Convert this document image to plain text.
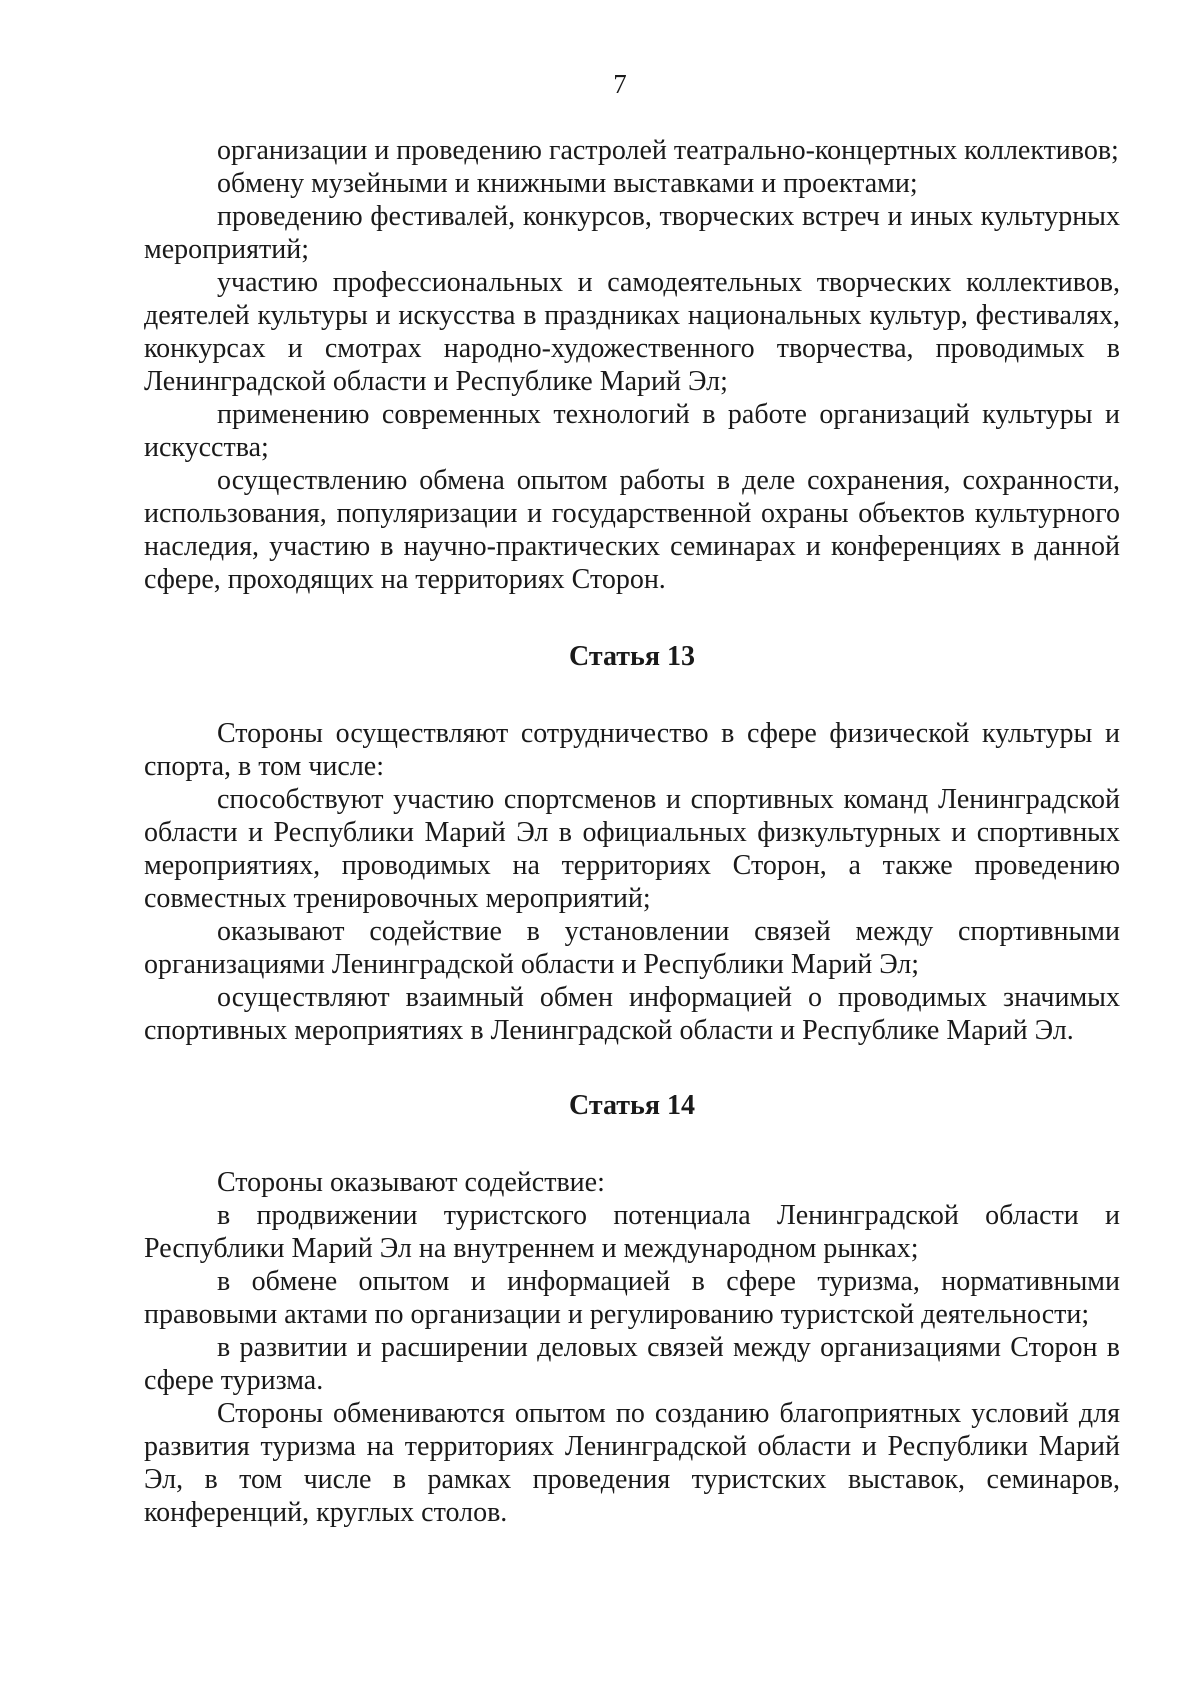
7

организации и проведению гастролей театрально-концертных коллективов;

обмену музейными и книжными выставками и проектами;

проведению фестивалей, конкурсов, творческих встреч и иных культурных мероприятий;

участию профессиональных и самодеятельных творческих коллективов, деятелей культуры и искусства в праздниках национальных культур, фестивалях, конкурсах и смотрах народно-художественного творчества, проводимых в Ленинградской области и Республике Марий Эл;

применению современных технологий в работе организаций культуры и искусства;

осуществлению обмена опытом работы в деле сохранения, сохранности, использования, популяризации и государственной охраны объектов культурного наследия, участию в научно-практических семинарах и конференциях в данной сфере, проходящих на территориях Сторон.

Статья 13

Стороны осуществляют сотрудничество в сфере физической культуры и спорта, в том числе:

способствуют участию спортсменов и спортивных команд Ленинградской области и Республики Марий Эл в официальных физкультурных и спортивных мероприятиях, проводимых на территориях Сторон, а также проведению совместных тренировочных мероприятий;

оказывают содействие в установлении связей между спортивными организациями Ленинградской области и Республики Марий Эл;

осуществляют взаимный обмен информацией о проводимых значимых спортивных мероприятиях в Ленинградской области и Республике Марий Эл.

Статья 14

Стороны оказывают содействие:

в продвижении туристского потенциала Ленинградской области и Республики Марий Эл на внутреннем и международном рынках;

в обмене опытом и информацией в сфере туризма, нормативными правовыми актами по организации и регулированию туристской деятельности;

в развитии и расширении деловых связей между организациями Сторон в сфере туризма.

Стороны обмениваются опытом по созданию благоприятных условий для развития туризма на территориях Ленинградской области и Республики Марий Эл, в том числе в рамках проведения туристских выставок, семинаров, конференций, круглых столов.
